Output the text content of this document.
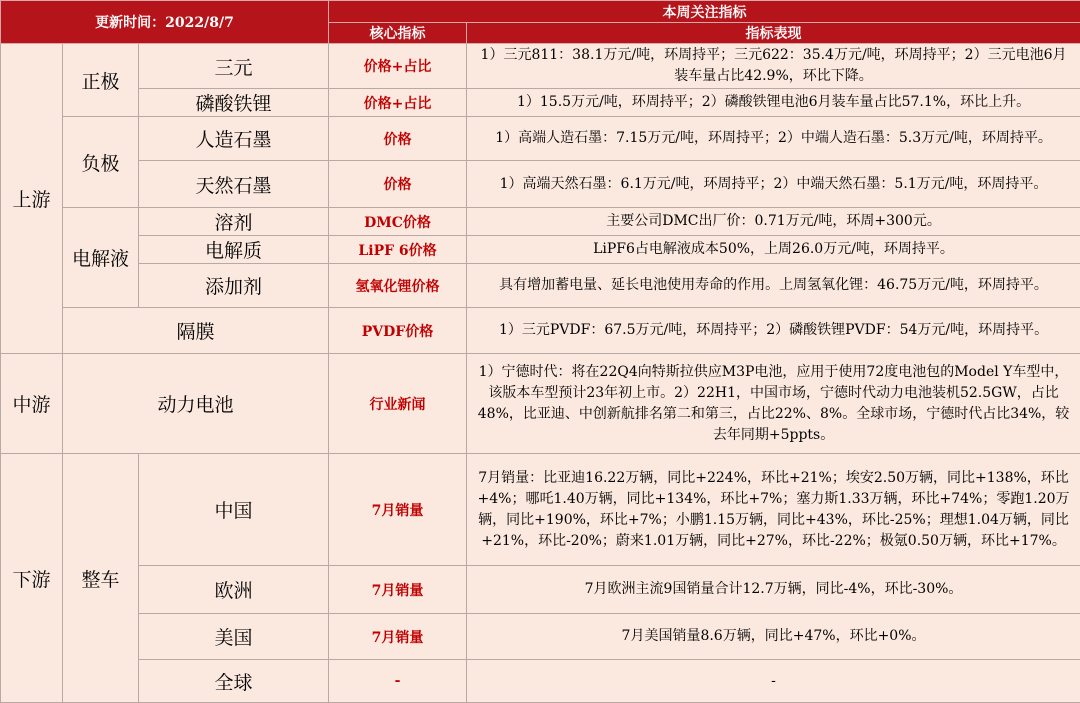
更新时间：2022/8/7			本周关注指标	
			核心指标	指标表现
上游	正极	三元	价格+占比	1）三元811：38.1万元/吨，环周持平；三元622：35.4万元/吨，环周持平；2）三元电池6月装车量占比42.9%，环比下降。
		磷酸铁锂	价格+占比	1）15.5万元/吨，环周持平；2）磷酸铁锂电池6月装车量占比57.1%，环比上升。
	负极	人造石墨	价格	1）高端人造石墨：7.15万元/吨，环周持平；2）中端人造石墨：5.3万元/吨，环周持平。
		天然石墨	价格	1）高端天然石墨：6.1万元/吨，环周持平；2）中端天然石墨：5.1万元/吨，环周持平。
	电解液	溶剂	DMC价格	主要公司DMC出厂价：0.71万元/吨，环周+300元。
		电解质	LiPF 6价格	LiPF6占电解液成本50%，上周26.0万元/吨，环周持平。
		添加剂	氢氧化锂价格	具有增加蓄电量、延长电池使用寿命的作用。上周氢氧化锂：46.75万元/吨，环周持平。
	隔膜		PVDF价格	1）三元PVDF：67.5万元/吨，环周持平；2）磷酸铁锂PVDF：54万元/吨，环周持平。
中游	动力电池		行业新闻	1）宁德时代：将在22Q4向特斯拉供应M3P电池，应用于使用72度电池包的Model Y车型中，该版本车型预计23年初上市。2）22H1，中国市场，宁德时代动力电池装机52.5GW，占比48%，比亚迪、中创新航排名第二和第三，占比22%、8%。全球市场，宁德时代占比34%，较去年同期+5ppts。
下游	整车	中国	7月销量	7月销量：比亚迪16.22万辆，同比+224%，环比+21%；埃安2.50万辆，同比+138%，环比+4%；哪吒1.40万辆，同比+134%，环比+7%；塞力斯1.33万辆，环比+74%；零跑1.20万辆，同比+190%，环比+7%；小鹏1.15万辆，同比+43%，环比-25%；理想1.04万辆，同比+21%，环比-20%；蔚来1.01万辆，同比+27%，环比-22%；极氪0.50万辆，环比+17%。
		欧洲	7月销量	7月欧洲主流9国销量合计12.7万辆，同比-4%，环比-30%。
		美国	7月销量	7月美国销量8.6万辆，同比+47%，环比+0%。
		全球	-	-
